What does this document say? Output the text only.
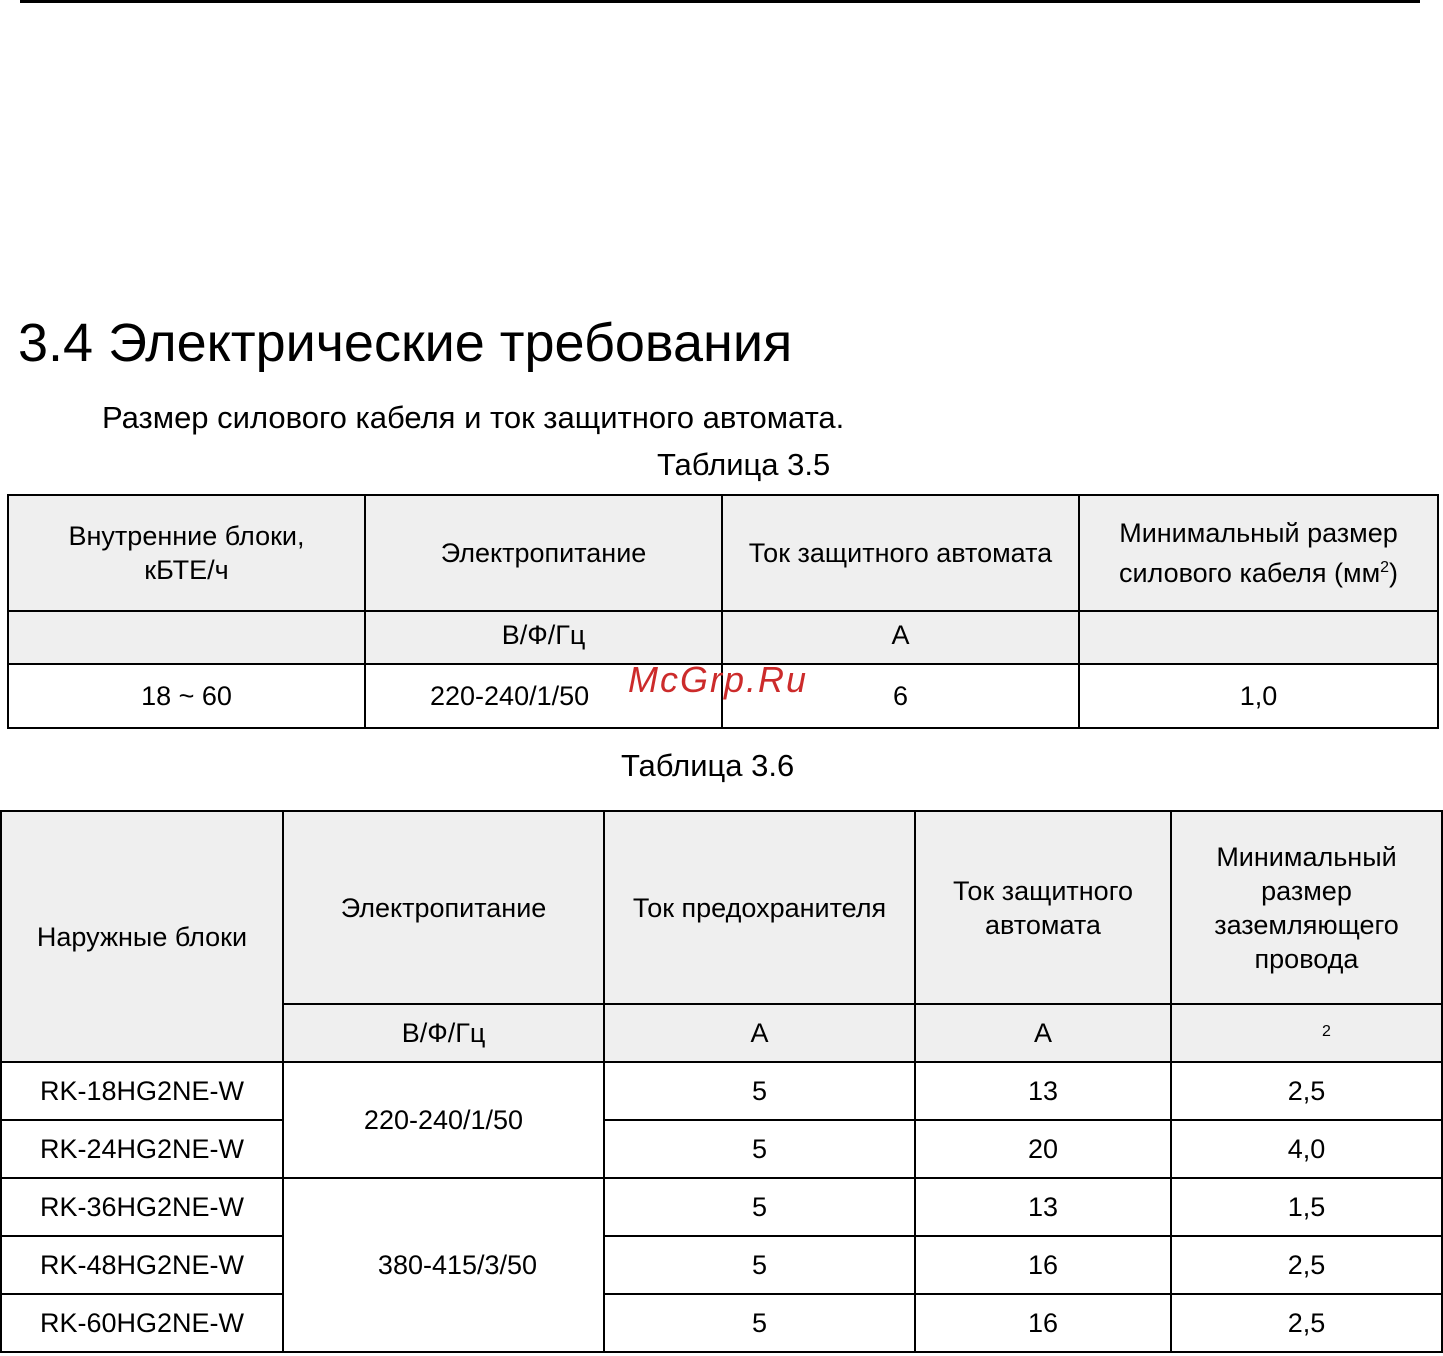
3.4 Электрические требования
Размер силового кабеля и ток защитного автомата.
Таблица 3.5
Внутренние блоки, кБТЕ/ч	Электропитание	Ток защитного автомата	Минимальный размер силового кабеля $(мм^2)$
	В/Ф/Гц	А	
18 ~ 60	220-240/1/50	6	1,0
McGrp.Ru
Таблица 3.6
Наружные блоки	Электропитание	Ток предохранителя	Ток защитного автомата	Минимальный размер заземляющего провода
	В/Ф/Гц	А	А	2
RK-18HG2NE-W	220-240/1/50	5	13	2,5
RK-24HG2NE-W		5	20	4,0
RK-36HG2NE-W	380-415/3/50	5	13	1,5
RK-48HG2NE-W		5	16	2,5
RK-60HG2NE-W		5	16	2,5
